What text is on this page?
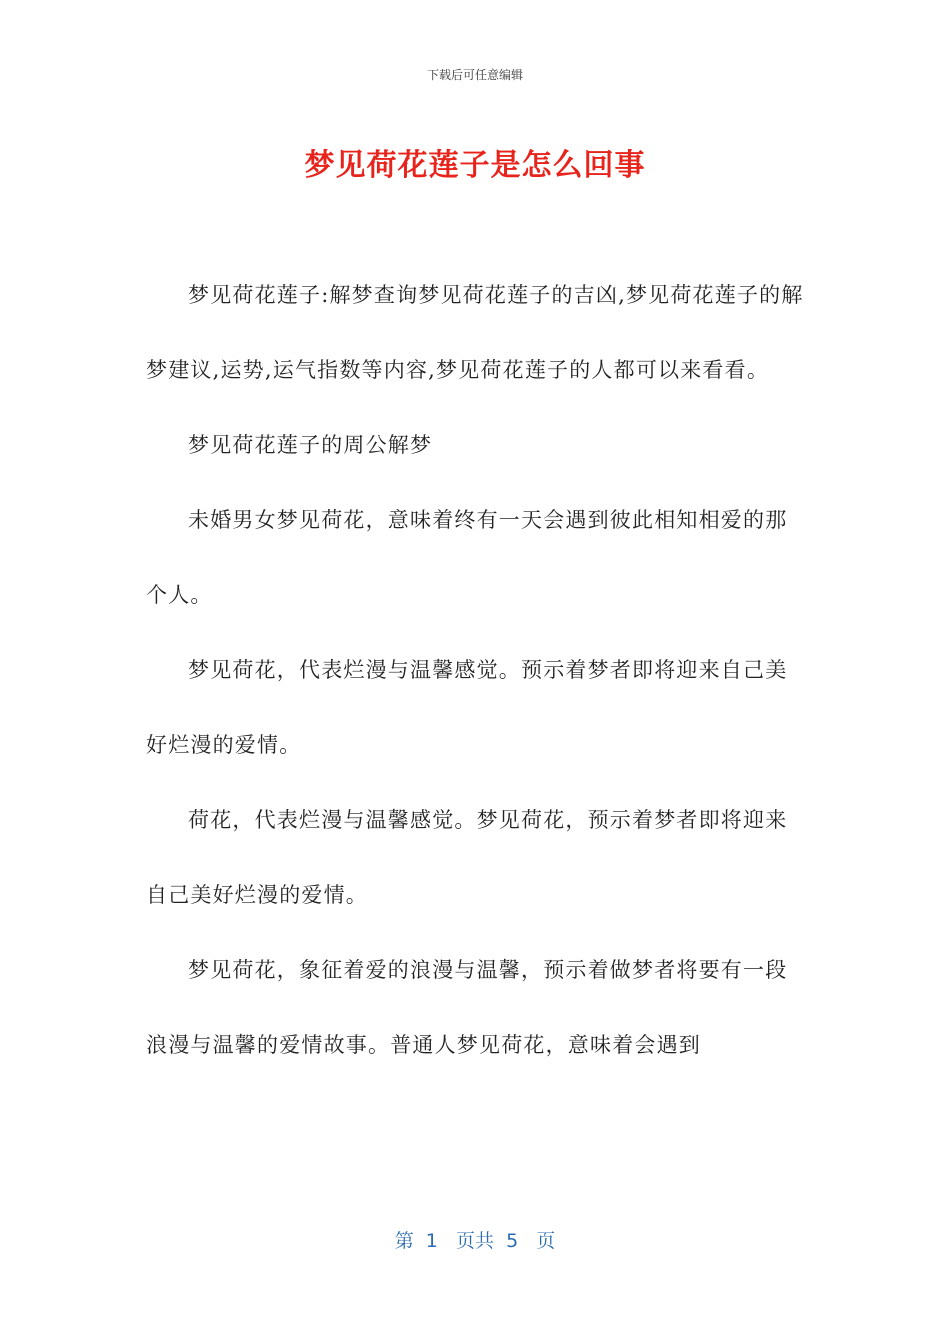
下载后可任意编辑
梦见荷花莲子是怎么回事

梦见荷花莲子:解梦查询梦见荷花莲子的吉凶,梦见荷花莲子的解梦建议,运势,运气指数等内容,梦见荷花莲子的人都可以来看看。

梦见荷花莲子的周公解梦

未婚男女梦见荷花，意味着终有一天会遇到彼此相知相爱的那个人。

梦见荷花，代表烂漫与温馨感觉。预示着梦者即将迎来自己美好烂漫的爱情。

荷花，代表烂漫与温馨感觉。梦见荷花，预示着梦者即将迎来自己美好烂漫的爱情。

梦见荷花，象征着爱的浪漫与温馨，预示着做梦者将要有一段浪漫与温馨的爱情故事。普通人梦见荷花，意味着会遇到

第  1   页共  5   页
